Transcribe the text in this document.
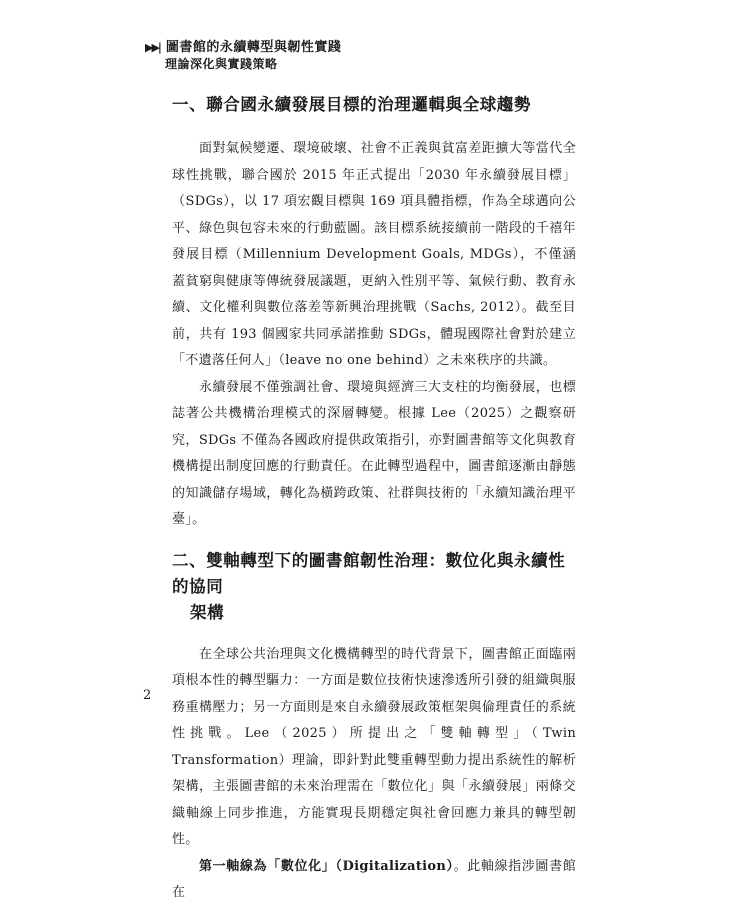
▶▶| 圖書館的永續轉型與韌性實踐
理論深化與實踐策略
一、聯合國永續發展目標的治理邏輯與全球趨勢

面對氣候變遷、環境破壞、社會不正義與貧富差距擴大等當代全球性挑戰，聯合國於 2015 年正式提出「2030 年永續發展目標」（SDGs），以 17 項宏觀目標與 169 項具體指標，作為全球邁向公平、綠色與包容未來的行動藍圖。該目標系統接續前一階段的千禧年發展目標（Millennium Development Goals, MDGs），不僅涵蓋貧窮與健康等傳統發展議題，更納入性別平等、氣候行動、教育永續、文化權利與數位落差等新興治理挑戰（Sachs, 2012）。截至目前，共有 193 個國家共同承諾推動 SDGs，體現國際社會對於建立「不遺落任何人」（leave no one behind）之未來秩序的共識。

永續發展不僅強調社會、環境與經濟三大支柱的均衡發展，也標誌著公共機構治理模式的深層轉變。根據 Lee（2025）之觀察研究，SDGs 不僅為各國政府提供政策指引，亦對圖書館等文化與教育機構提出制度回應的行動責任。在此轉型過程中，圖書館逐漸由靜態的知識儲存場域，轉化為橫跨政策、社群與技術的「永續知識治理平臺」。

二、雙軸轉型下的圖書館韌性治理：數位化與永續性的協同
架構

在全球公共治理與文化機構轉型的時代背景下，圖書館正面臨兩項根本性的轉型驅力：一方面是數位技術快速滲透所引發的組織與服務重構壓力；另一方面則是來自永續發展政策框架與倫理責任的系統性挑戰。Lee（2025）所提出之「雙軸轉型」（Twin Transformation）理論，即針對此雙重轉型動力提出系統性的解析架構，主張圖書館的未來治理需在「數位化」與「永續發展」兩條交織軸線上同步推進，方能實現長期穩定與社會回應力兼具的轉型韌性。

第一軸線為「數位化」（Digitalization）。此軸線指涉圖書館在

2
